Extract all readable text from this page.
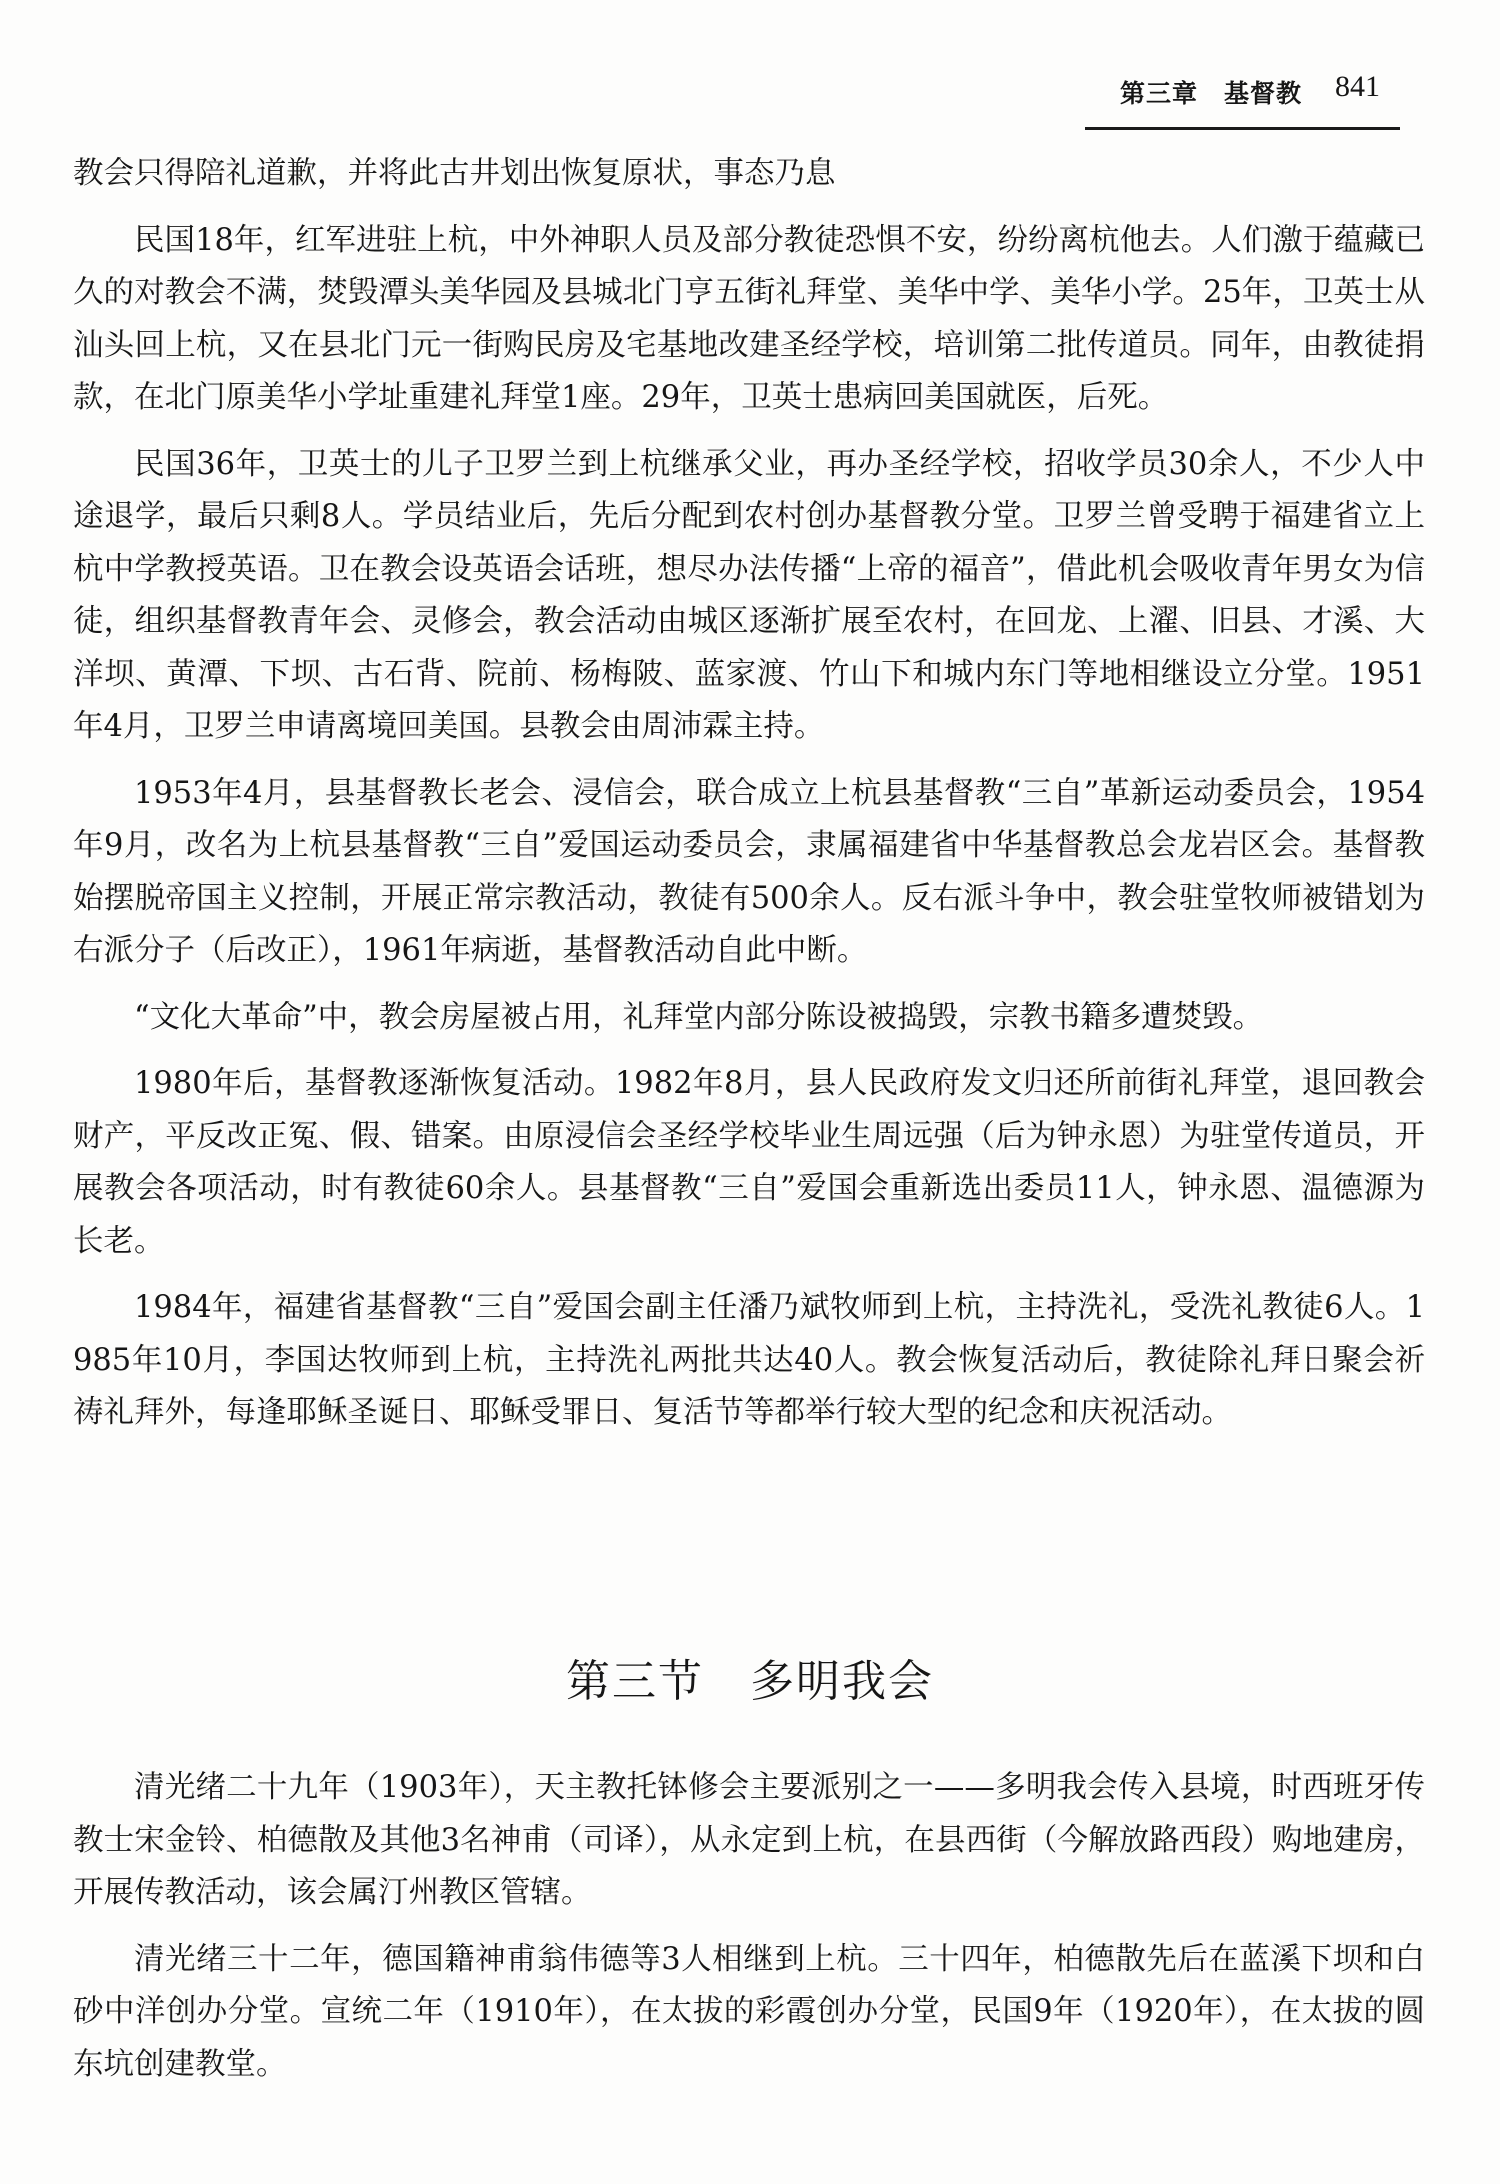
第三章　基督教 841

教会只得陪礼道歉，并将此古井划出恢复原状，事态乃息

民国18年，红军进驻上杭，中外神职人员及部分教徒恐惧不安，纷纷离杭他去。人们激于蕴藏已久的对教会不满，焚毁潭头美华园及县城北门亨五街礼拜堂、美华中学、美华小学。25年，卫英士从汕头回上杭，又在县北门元一街购民房及宅基地改建圣经学校，培训第二批传道员。同年，由教徒捐款，在北门原美华小学址重建礼拜堂1座。29年，卫英士患病回美国就医，后死。

民国36年，卫英士的儿子卫罗兰到上杭继承父业，再办圣经学校，招收学员30余人，不少人中途退学，最后只剩8人。学员结业后，先后分配到农村创办基督教分堂。卫罗兰曾受聘于福建省立上杭中学教授英语。卫在教会设英语会话班，想尽办法传播“上帝的福音”，借此机会吸收青年男女为信徒，组织基督教青年会、灵修会，教会活动由城区逐渐扩展至农村，在回龙、上濯、旧县、才溪、大洋坝、黄潭、下坝、古石背、院前、杨梅陂、蓝家渡、竹山下和城内东门等地相继设立分堂。1951年4月，卫罗兰申请离境回美国。县教会由周沛霖主持。

1953年4月，县基督教长老会、浸信会，联合成立上杭县基督教“三自”革新运动委员会，1954年9月，改名为上杭县基督教“三自”爱国运动委员会，隶属福建省中华基督教总会龙岩区会。基督教始摆脱帝国主义控制，开展正常宗教活动，教徒有500余人。反右派斗争中，教会驻堂牧师被错划为右派分子（后改正），1961年病逝，基督教活动自此中断。

“文化大革命”中，教会房屋被占用，礼拜堂内部分陈设被捣毁，宗教书籍多遭焚毁。

1980年后，基督教逐渐恢复活动。1982年8月，县人民政府发文归还所前街礼拜堂，退回教会财产，平反改正冤、假、错案。由原浸信会圣经学校毕业生周远强（后为钟永恩）为驻堂传道员，开展教会各项活动，时有教徒60余人。县基督教“三自”爱国会重新选出委员11人，钟永恩、温德源为长老。

1984年，福建省基督教“三自”爱国会副主任潘乃斌牧师到上杭，主持洗礼，受洗礼教徒6人。1985年10月，李国达牧师到上杭，主持洗礼两批共达40人。教会恢复活动后，教徒除礼拜日聚会祈祷礼拜外，每逢耶稣圣诞日、耶稣受罪日、复活节等都举行较大型的纪念和庆祝活动。

第三节　多明我会

清光绪二十九年（1903年），天主教托钵修会主要派别之一——多明我会传入县境，时西班牙传教士宋金铃、柏德散及其他3名神甫（司译），从永定到上杭，在县西街（今解放路西段）购地建房，开展传教活动，该会属汀州教区管辖。

清光绪三十二年，德国籍神甫翁伟德等3人相继到上杭。三十四年，柏德散先后在蓝溪下坝和白砂中洋创办分堂。宣统二年（1910年），在太拔的彩霞创办分堂，民国9年（1920年），在太拔的圆东坑创建教堂。
